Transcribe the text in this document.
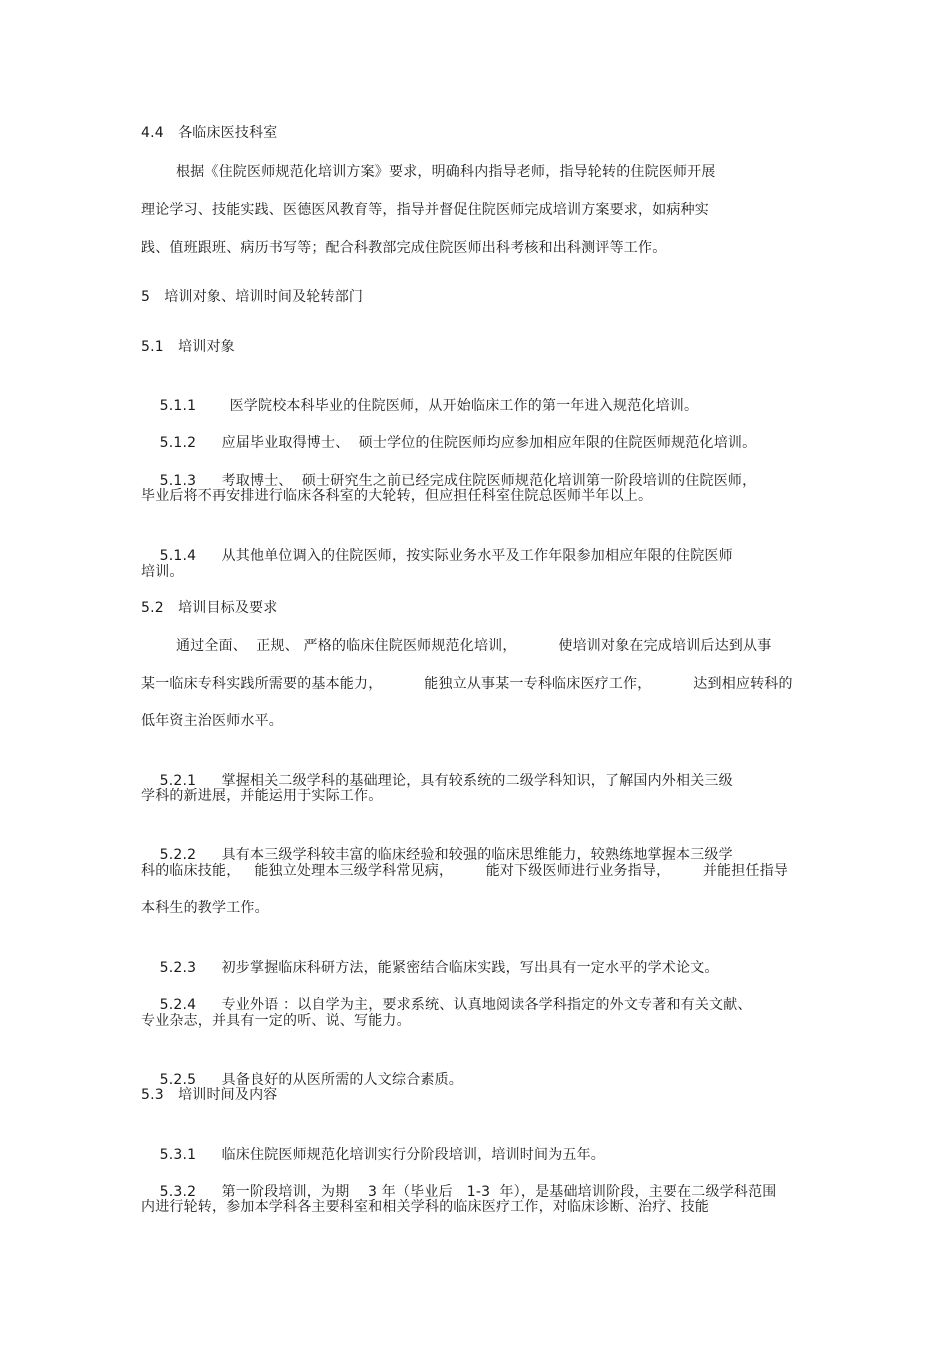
4.4　各临床医技科室
根据《住院医师规范化培训方案》要求，明确科内指导老师，指导轮转的住院医师开展
理论学习、技能实践、医德医风教育等，指导并督促住院医师完成培训方案要求，如病种实
践、值班跟班、病历书写等；配合科教部完成住院医师出科考核和出科测评等工作。
5　培训对象、培训时间及轮转部门
5.1　培训对象

5.1.1 医学院校本科毕业的住院医师，从开始临床工作的第一年进入规范化培训。

5.1.2 应届毕业取得博士、  硕士学位的住院医师均应参加相应年限的住院医师规范化培训。

5.1.3 考取博士、  硕士研究生之前已经完成住院医师规范化培训第一阶段培训的住院医师，

毕业后将不再安排进行临床各科室的大轮转，但应担任科室住院总医师半年以上。

5.1.4 从其他单位调入的住院医师，按实际业务水平及工作年限参加相应年限的住院医师

培训。
5.2　培训目标及要求
通过全面、  正规、 严格的临床住院医师规范化培训，         使培训对象在完成培训后达到从事
某一临床专科实践所需要的基本能力，         能独立从事某一专科临床医疗工作，         达到相应转科的
低年资主治医师水平。

5.2.1 掌握相关二级学科的基础理论，具有较系统的二级学科知识，了解国内外相关三级

学科的新进展，并能运用于实际工作。

5.2.2 具有本三级学科较丰富的临床经验和较强的临床思维能力，较熟练地掌握本三级学

科的临床技能，   能独立处理本三级学科常见病，       能对下级医师进行业务指导，       并能担任指导
本科生的教学工作。

5.2.3 初步掌握临床科研方法，能紧密结合临床实践，写出具有一定水平的学术论文。

5.2.4 专业外语 ：以自学为主，要求系统、认真地阅读各学科指定的外文专著和有关文献、

专业杂志，并具有一定的听、说、写能力。

5.2.5 具备良好的从医所需的人文综合素质。

5.3　培训时间及内容

5.3.1 临床住院医师规范化培训实行分阶段培训，培训时间为五年。

5.3.2 第一阶段培训，为期    3 年（毕业后   1-3  年），是基础培训阶段，主要在二级学科范围

内进行轮转，参加本学科各主要科室和相关学科的临床医疗工作，对临床诊断、治疗、技能
